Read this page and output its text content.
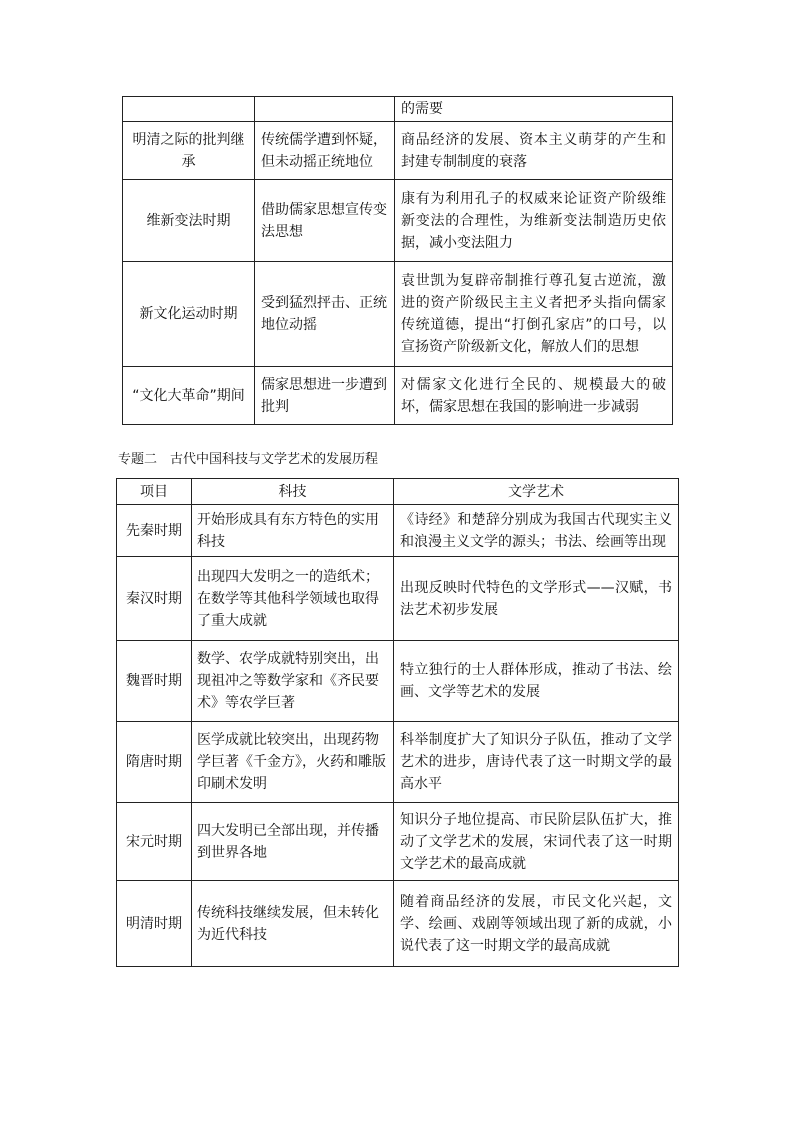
		的需要
明清之际的批判继承	传统儒学遭到怀疑，但未动摇正统地位	商品经济的发展、资本主义萌芽的产生和封建专制制度的衰落
维新变法时期	借助儒家思想宣传变法思想	康有为利用孔子的权威来论证资产阶级维新变法的合理性，为维新变法制造历史依据，减小变法阻力
新文化运动时期	受到猛烈抨击、正统地位动摇	袁世凯为复辟帝制推行尊孔复古逆流，激进的资产阶级民主主义者把矛头指向儒家传统道德，提出“打倒孔家店”的口号，以宣扬资产阶级新文化，解放人们的思想
“文化大革命”期间	儒家思想进一步遭到批判	对儒家文化进行全民的、规模最大的破坏，儒家思想在我国的影响进一步减弱
专题二　古代中国科技与文学艺术的发展历程
项目	科技	文学艺术
先秦时期	开始形成具有东方特色的实用科技	《诗经》和楚辞分别成为我国古代现实主义和浪漫主义文学的源头；书法、绘画等出现
秦汉时期	出现四大发明之一的造纸术；在数学等其他科学领域也取得了重大成就	出现反映时代特色的文学形式——汉赋，书法艺术初步发展
魏晋时期	数学、农学成就特别突出，出现祖冲之等数学家和《齐民要术》等农学巨著	特立独行的士人群体形成，推动了书法、绘画、文学等艺术的发展
隋唐时期	医学成就比较突出，出现药物学巨著《千金方》，火药和雕版印刷术发明	科举制度扩大了知识分子队伍，推动了文学艺术的进步，唐诗代表了这一时期文学的最高水平
宋元时期	四大发明已全部出现，并传播到世界各地	知识分子地位提高、市民阶层队伍扩大，推动了文学艺术的发展，宋词代表了这一时期文学艺术的最高成就
明清时期	传统科技继续发展，但未转化为近代科技	随着商品经济的发展，市民文化兴起，文学、绘画、戏剧等领域出现了新的成就，小说代表了这一时期文学的最高成就
